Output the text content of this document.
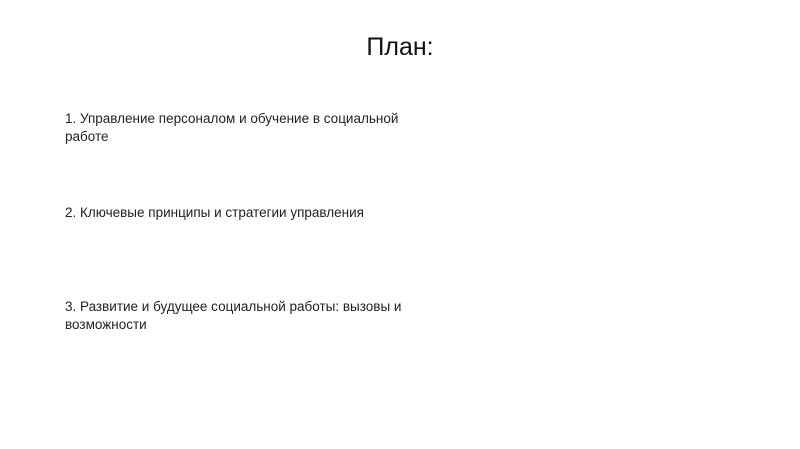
План:
1. Управление персоналом и обучение в социальной работе
2. Ключевые принципы и стратегии управления
3. Развитие и будущее социальной работы: вызовы и возможности
